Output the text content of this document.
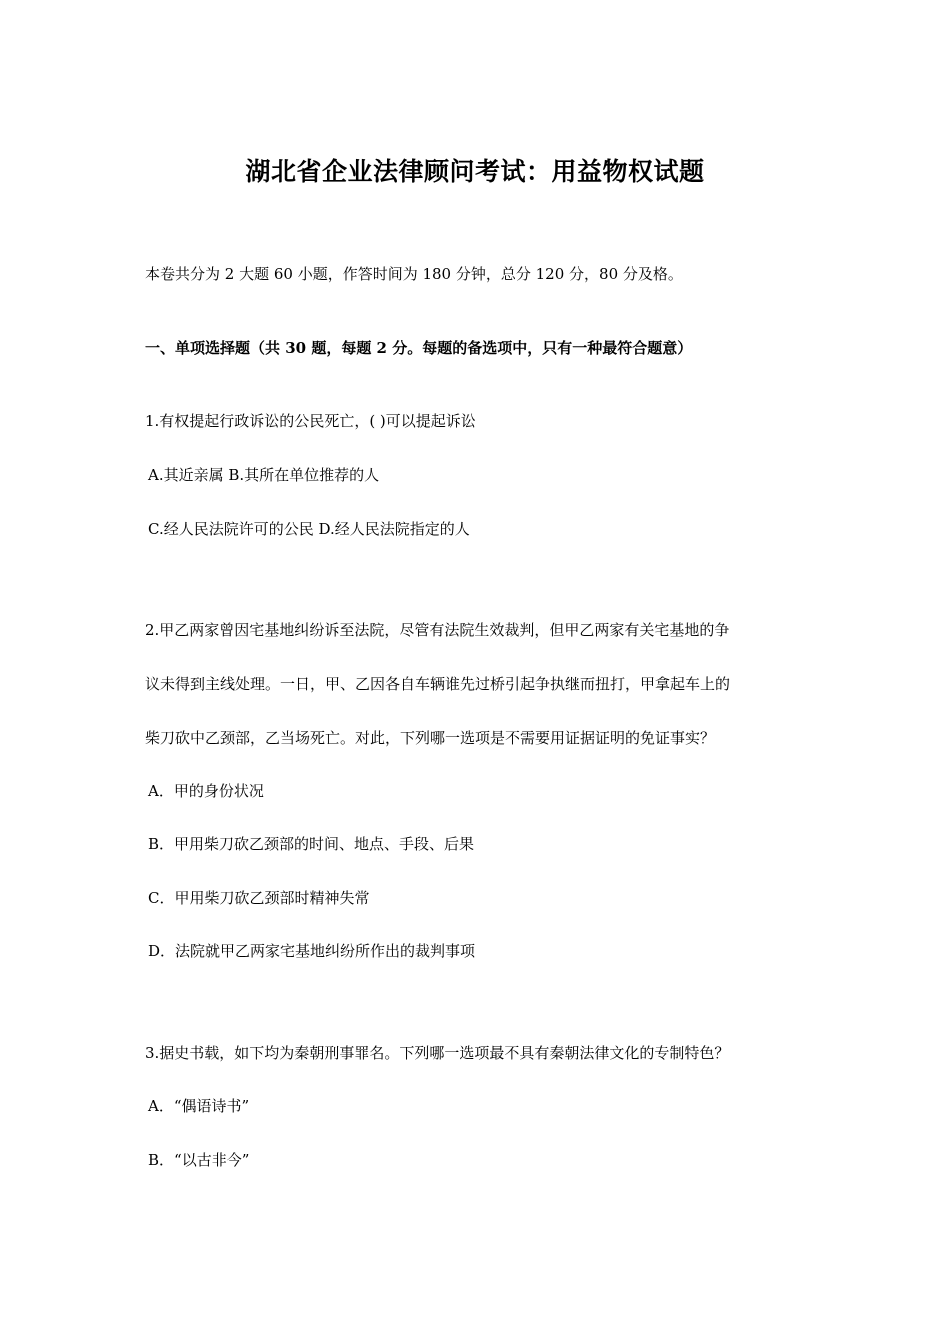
湖北省企业法律顾问考试：用益物权试题
本卷共分为 2 大题 60 小题，作答时间为 180 分钟，总分 120 分，80 分及格。
一、单项选择题（共 30 题，每题 2 分。每题的备选项中，只有一种最符合题意）
1.有权提起行政诉讼的公民死亡，( )可以提起诉讼
A.其近亲属 B.其所在单位推荐的人
C.经人民法院许可的公民 D.经人民法院指定的人
2.甲乙两家曾因宅基地纠纷诉至法院，尽管有法院生效裁判，但甲乙两家有关宅基地的争
议未得到主线处理。一日，甲、乙因各自车辆谁先过桥引起争执继而扭打，甲拿起车上的
柴刀砍中乙颈部，乙当场死亡。对此，下列哪一选项是不需要用证据证明的免证事实？
A．甲的身份状况
B．甲用柴刀砍乙颈部的时间、地点、手段、后果
C．甲用柴刀砍乙颈部时精神失常
D．法院就甲乙两家宅基地纠纷所作出的裁判事项
3.据史书载，如下均为秦朝刑事罪名。下列哪一选项最不具有秦朝法律文化的专制特色？
A．“偶语诗书”
B．“以古非今”
